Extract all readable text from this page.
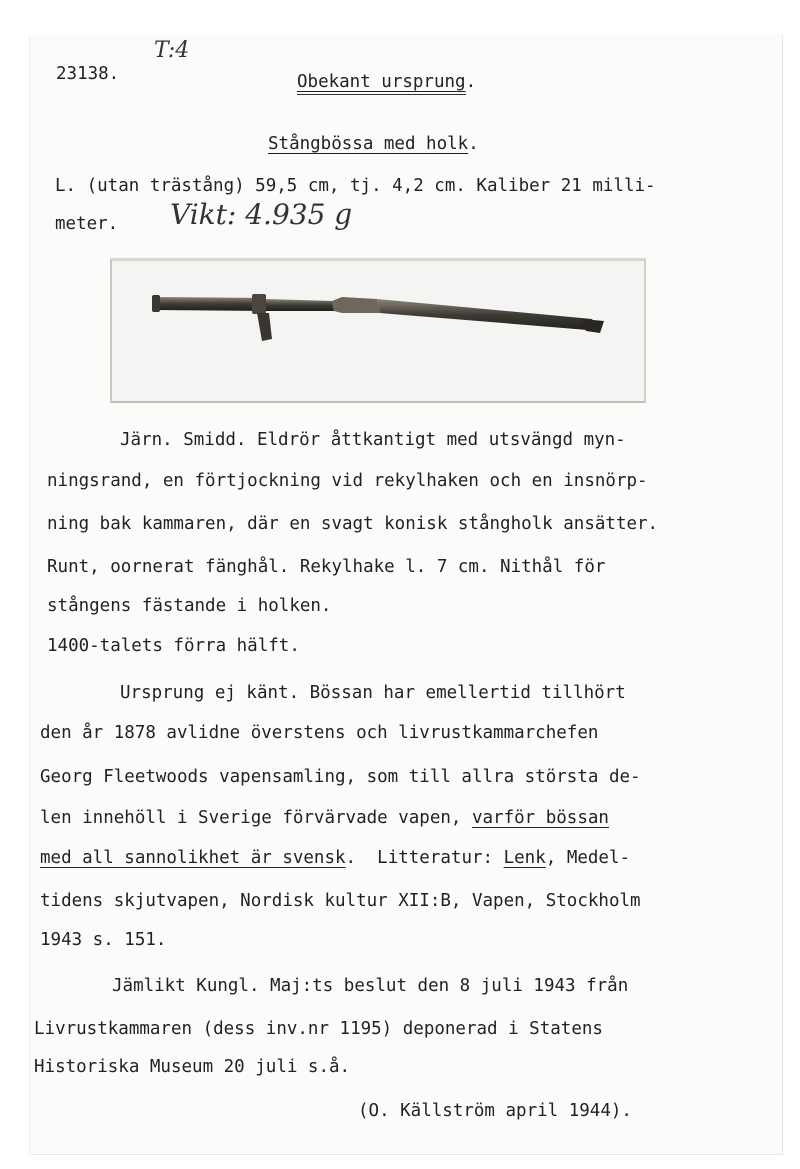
T:4
23138.	Obekant ursprung.
Stångbössa med holk.
L. (utan trästång) 59,5 cm, tj. 4,2 cm. Kaliber 21 milli-
meter. Vikt: 4.935 g
Järn. Smidd. Eldrör åttkantigt med utsvängd myn-
ningsrand, en förtjockning vid rekylhaken och en insnörp-
ning bak kammaren, där en svagt konisk stångholk ansätter.
Runt, oornerat fänghål. Rekylhake l. 7 cm. Nithål för
stångens fästande i holken.
1400-talets förra hälft.
Ursprung ej känt. Bössan har emellertid tillhört
den år 1878 avlidne överstens och livrustkammarchefen
Georg Fleetwoods vapensamling, som till allra största de-
len innehöll i Sverige förvärvade vapen, varför bössan
med all sannolikhet är svensk.  Litteratur: Lenk, Medel-
tidens skjutvapen, Nordisk kultur XII:B, Vapen, Stockholm
1943 s. 151.
Jämlikt Kungl. Maj:ts beslut den 8 juli 1943 från
Livrustkammaren (dess inv.nr 1195) deponerad i Statens
Historiska Museum 20 juli s.å.
(O. Källström april 1944).
